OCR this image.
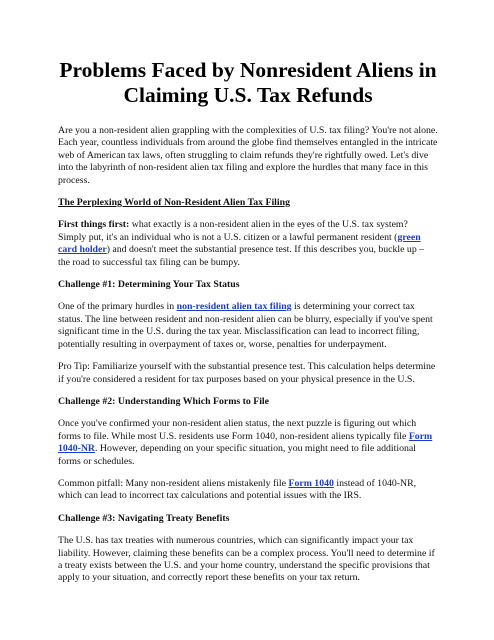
Problems Faced by Nonresident Aliens in Claiming U.S. Tax Refunds

Are you a non-resident alien grappling with the complexities of U.S. tax filing? You're not alone. Each year, countless individuals from around the globe find themselves entangled in the intricate web of American tax laws, often struggling to claim refunds they're rightfully owed. Let's dive into the labyrinth of non-resident alien tax filing and explore the hurdles that many face in this process.

The Perplexing World of Non-Resident Alien Tax Filing

First things first: what exactly is a non-resident alien in the eyes of the U.S. tax system? Simply put, it's an individual who is not a U.S. citizen or a lawful permanent resident (green card holder) and doesn't meet the substantial presence test. If this describes you, buckle up – the road to successful tax filing can be bumpy.

Challenge #1: Determining Your Tax Status

One of the primary hurdles in non-resident alien tax filing is determining your correct tax status. The line between resident and non-resident alien can be blurry, especially if you've spent significant time in the U.S. during the tax year. Misclassification can lead to incorrect filing, potentially resulting in overpayment of taxes or, worse, penalties for underpayment.

Pro Tip: Familiarize yourself with the substantial presence test. This calculation helps determine if you're considered a resident for tax purposes based on your physical presence in the U.S.

Challenge #2: Understanding Which Forms to File

Once you've confirmed your non-resident alien status, the next puzzle is figuring out which forms to file. While most U.S. residents use Form 1040, non-resident aliens typically file Form 1040-NR. However, depending on your specific situation, you might need to file additional forms or schedules.

Common pitfall: Many non-resident aliens mistakenly file Form 1040 instead of 1040-NR, which can lead to incorrect tax calculations and potential issues with the IRS.

Challenge #3: Navigating Treaty Benefits

The U.S. has tax treaties with numerous countries, which can significantly impact your tax liability. However, claiming these benefits can be a complex process. You'll need to determine if a treaty exists between the U.S. and your home country, understand the specific provisions that apply to your situation, and correctly report these benefits on your tax return.
